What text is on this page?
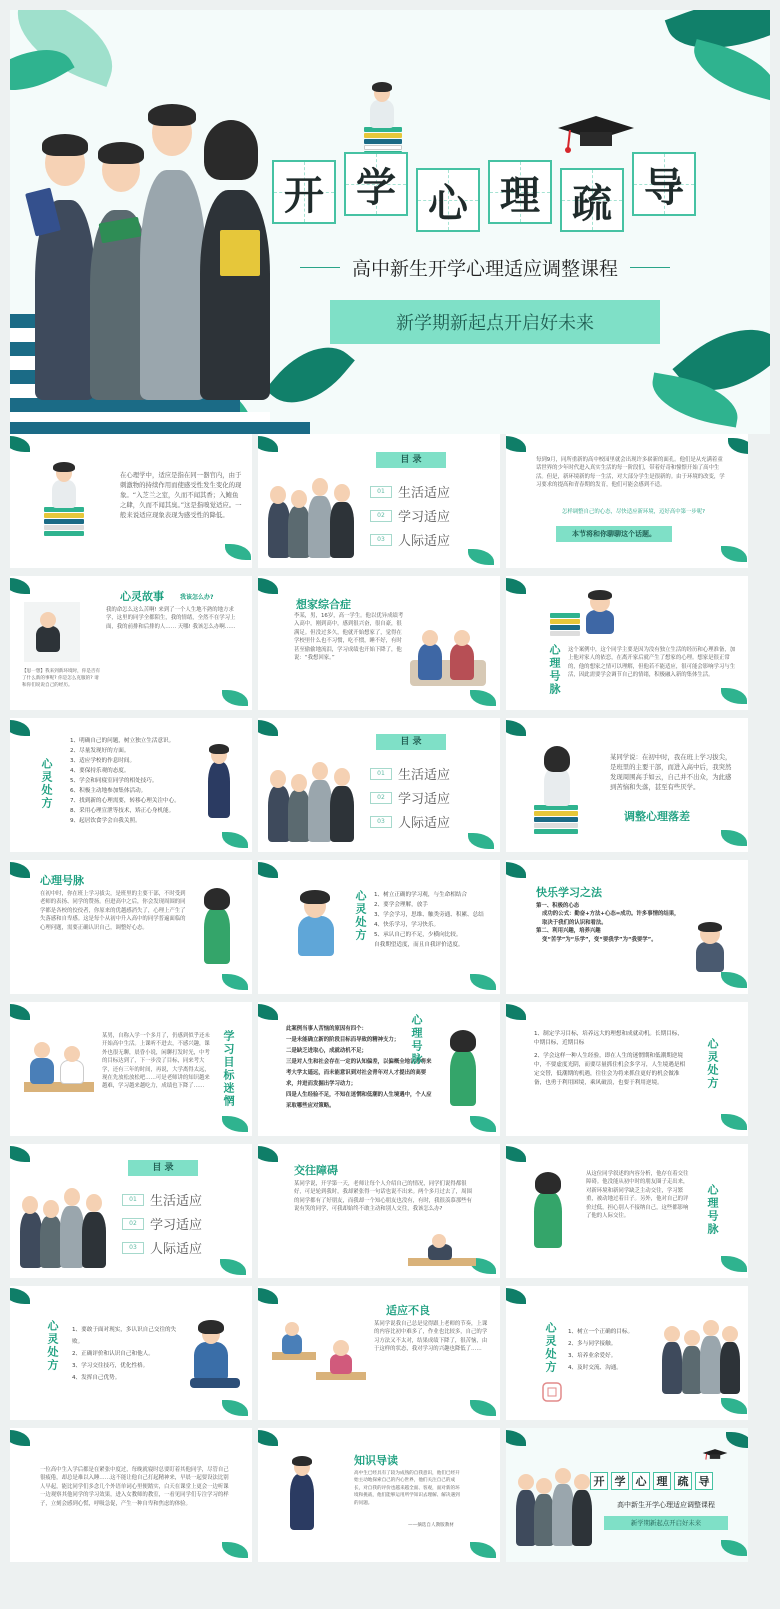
开 学 心 理 疏 导
高中新生开学心理适应调整课程
新学期新起点开启好未来
在心理学中，适应是指在同一器官内，由于刺激物的持续作用而使感受性发生变化的现象。“入芝兰之室，久而不闻其香；入鲍鱼之肆，久而不闻其臭。”这是指嗅觉适应。一般来说适应现象表现为感受性的降低。
目 录
01	生活适应
02	学习适应
03	人际适应
每到9月，同所重新的高中校园里就会出现许多崭新的面孔。他们是从充满着童话世界的少年时代进入真实生活的每一阶段们，带着好奇和憧憬开始了高中生活。但是，新环境新的每一生活，对大部分学生是很新的。由于环境的改变，学习要求的提高和青春期的发育，他们可能会感到不适。
怎样调整自己的心态，尽快适应新环境，迈好高中第一步呢?
本节将和你聊聊这个话题。
心灵故事	我该怎么办?
我的命怎么这么苦啊! 来到了一个人生地不熟的地方求学，这里的同学全都陌生，我的情绪，全然不在学习上面，我的前排和后排的人…… 天哪! 我该怎么办啊……
【思一想】我来到新环境时，你是否有了什么新的事呢? 你是怎么克服的? 请和你们说说自己的经历。
想家综合症
李某，男，16岁，高一学生。他以优异成绩考入高中，刚到高中，感到很兴奋，很自豪，很满足。但没过多久，他就开始想家了，觉得在学校里什么也不习惯，吃不惯，睡不好，有时甚至偷偷地流泪，学习成绩也开始下降了，他说：“我想回家。”	心理号脉 这个案例中，这个同学主要是因为没有独立生活的经历和心理准备，加上他对家人的依恋，在离开家后就产生了想家的心理。想家是很正常的，他的想家之情可以理解，但他若不能适应，很可能会影响学习与生活，因此需要学会调节自己的情绪，积极融入新的集体生活。
心灵处方
1、明确自己的问题，树立独立生活意识。
2、尽量发现好的方面。
3、适应学校的作息时间。
4、要保持乐观的态度。
5、学会和同寝室同学的相处技巧。
6、积极主动地参加集体活动。
7、找到新的心理需要，转移心理关注中心。
8、采用心理宣泄等技术，矫正心身机能。
9、起居饮食学会自我关照。
目 录
01	生活适应
02	学习适应
03	人际适应
某同学说：在初中时，我在班上学习拔尖，是班里的主要干部，而进入高中后，我突然发现周围高手如云，自己并不出众，为此感到苦恼和失落，甚至有些厌学。
调整心理落差
心理号脉
在初中时，你在班上学习拔尖，是班里的主要干部，不时受到老师的表扬、同学的赞扬。但进高中之后，你会发现周围的同学都是各校的佼佼者，你原来的优越感消失了，心理上产生了失落感和自卑感。这是每个从初中升入高中的同学普遍面临的心理问题，需要正确认识自己，调整好心态。	心灵处方 1、树立正确的学习观，与生命相结合
2、要学会理解，放手
3、学会学习，思维、触类旁通、积累、总结
4、快乐学习，学习快乐。
5、承认自己的不足，少横向比较。
自我期望适度，而且自我评价适度。
快乐学习之法
第一、积极的心态
成功的公式：勤奋+方法+心态=成功。许多事情的结果，取决于我们的认识和看法。
第二、利用兴趣，培养兴趣
变“苦学”为“乐学”，变“要我学”为“我要学”。
某男，自称入学一个多月了，仍感到似乎还未开始高中生活。上课听不进去，不感兴趣，课外也很无聊，晨昏小说，闲聊打发时光，中考的目标达到了，下一步没了目标，同来考大学，还有三年的时间，再说，大学离得太远，现在先放松放松吧……可是老师讲的知识越来越难，学习越来越吃力，成绩也下降了……	学习目标迷惘
此案例当事人苦恼的原因有四个：
一是未能确立新的阶段目标而导致的精神支力；
二是缺乏进取心，成就动机不足；
三是对人生和社会存在一定的认知偏差，以偏概全地认为将来考大学太遥远，而未能意识到对社会青年对人才提出的高要求，并进而发掘出学习动力；
四是人生经验不足，不知在迷惘和低潮的人生境遇中，个人应采取哪些应对策略。
心理号脉	1、制定学习目标，培养远大的理想和成就动机。长期目标，中期目标，近期目标
2、学会这样一种人生经验，即在人生的迷惘期和低潮期逆境中，不要虚度光阴，而要尽量抓住机会多学习，人生境遇是相定交替，低潮期的机遇，往往会为将来抓住更好的机会做准备，也勇于利用困境，乘风破浪，也要于利用逆境。	心灵处方
目 录
01	生活适应
02	学习适应
03	人际适应
交往障碍
某同学说，开学第一天，老师让每个人介绍自己的情况，同学们说得都很好，可是轮到我时，我却紧张得一句话也说不出来。两个多月过去了，周围的同学都有了好朋友，而我却一个知心朋友也没有，有时，我很羡慕那些有说有笑的同学，可我却始终不敢主动和别人交往，我该怎么办?
从这位同学叙述的内容分析，他存在着交往障碍。他没能从初中时的朋友圈子走出来，对新环境和新同学缺乏主动交往，学习繁重，被动地过着日子。另外，他对自己的评价过低，担心别人不接纳自己，这些都影响了他的人际交往。	心理号脉
心灵处方 1、要敢于面对现实，多认识自己交往的失败。
2、正确评价和认识自己和他人。
3、学习交往技巧，优化性格。
4、发挥自己优势。
适应不良
某同学说我自己总是觉得跟上老师的节奏，上课的内容比初中难多了，作业也比较多，自己的学习方法又不太对，结果成绩下降了，很苦恼，由于这样的状态，我对学习的兴趣也降低了……	心灵处方 1、树立一个正确的目标。
2、多与同学接触。
3、培养业余爱好。
4、及时交流、沟通。
一位高中生入学后都是在紧张中度过，每晚就寝时总要盯着其他同学，尽管自己很疲倦，却总是难以入睡……这不能让他自己打起精神来，早晨一起要设法比别人早起，能比同学们多念几个外语单词心里便踏实，白天在课堂上更会一边听课一边观察其他同学的学习效果，进入女教师的教室，一看见同学们专注学习的样子，立刻会感到心慌，呼吸急促，产生一种自卑和焦虑的体验。
知识导读
高中生已经具有了较为成熟的自我意识，他们已经开始主动地探索自己的内心世界，他们关注自己的成长，对自我的评价也越来越全面、客观，面对新的环境和挑战，他们能够运用所学知识去理解、解决遇到的问题。
——摘选自人教版教材
开 学 心 理 疏 导
高中新生开学心理适应调整课程
新学期新起点开启好未来
